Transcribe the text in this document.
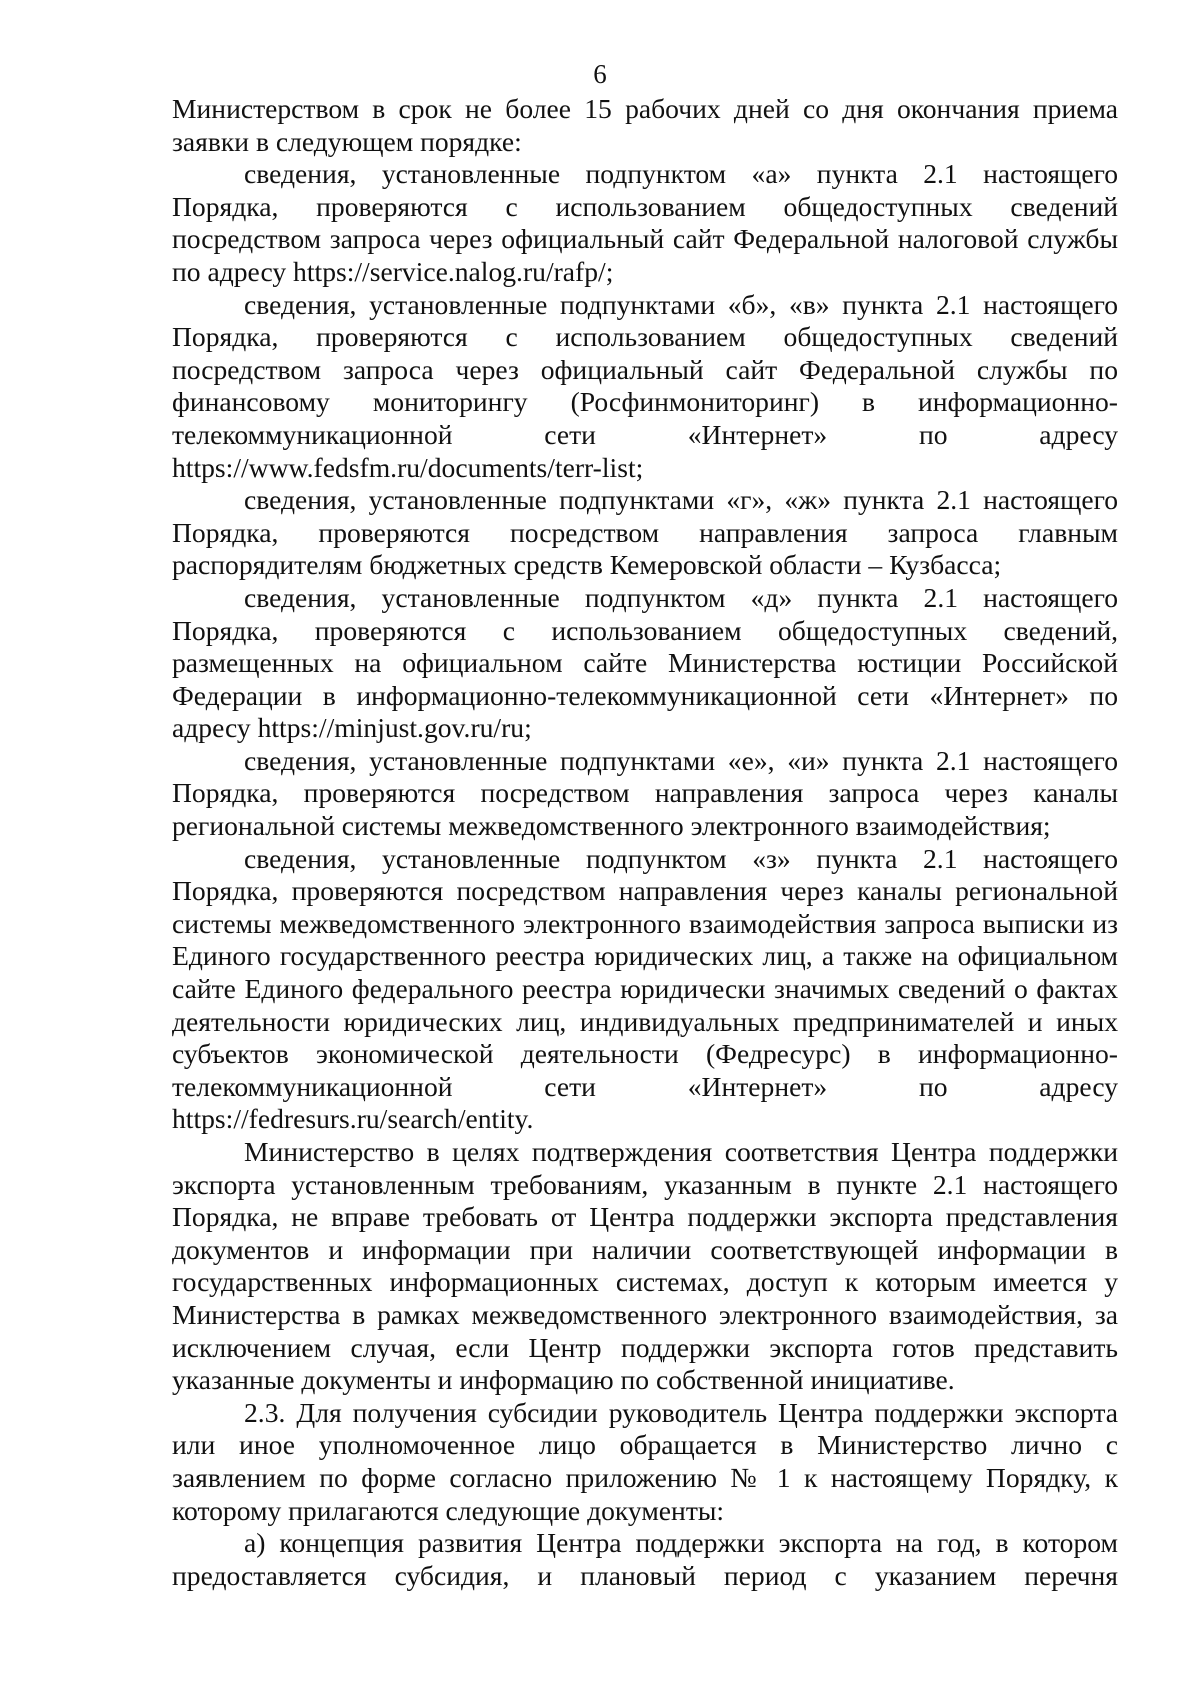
6

Министерством в срок не более 15 рабочих дней со дня окончания приема заявки в следующем порядке:

сведения, установленные подпунктом «а» пункта 2.1 настоящего Порядка, проверяются с использованием общедоступных сведений посредством запроса через официальный сайт Федеральной налоговой службы по адресу https://service.nalog.ru/rafp/;

сведения, установленные подпунктами «б», «в» пункта 2.1 настоящего Порядка, проверяются с использованием общедоступных сведений посредством запроса через официальный сайт Федеральной службы по финансовому мониторингу (Росфинмониторинг) в информационно-телекоммуникационной сети «Интернет» по адресу https://www.fedsfm.ru/documents/terr-list;

сведения, установленные подпунктами «г», «ж» пункта 2.1 настоящего Порядка, проверяются посредством направления запроса главным распорядителям бюджетных средств Кемеровской области – Кузбасса;

сведения, установленные подпунктом «д» пункта 2.1 настоящего Порядка, проверяются с использованием общедоступных сведений, размещенных на официальном сайте Министерства юстиции Российской Федерации в информационно-телекоммуникационной сети «Интернет» по адресу https://minjust.gov.ru/ru;

сведения, установленные подпунктами «е», «и» пункта 2.1 настоящего Порядка, проверяются посредством направления запроса через каналы региональной системы межведомственного электронного взаимодействия;

сведения, установленные подпунктом «з» пункта 2.1 настоящего Порядка, проверяются посредством направления через каналы региональной системы межведомственного электронного взаимодействия запроса выписки из Единого государственного реестра юридических лиц, а также на официальном сайте Единого федерального реестра юридически значимых сведений о фактах деятельности юридических лиц, индивидуальных предпринимателей и иных субъектов экономической деятельности (Федресурс) в информационно-телекоммуникационной сети «Интернет» по адресу https://fedresurs.ru/search/entity.

Министерство в целях подтверждения соответствия Центра поддержки экспорта установленным требованиям, указанным в пункте 2.1 настоящего Порядка, не вправе требовать от Центра поддержки экспорта представления документов и информации при наличии соответствующей информации в государственных информационных системах, доступ к которым имеется у Министерства в рамках межведомственного электронного взаимодействия, за исключением случая, если Центр поддержки экспорта готов представить указанные документы и информацию по собственной инициативе.

2.3. Для получения субсидии руководитель Центра поддержки экспорта или иное уполномоченное лицо обращается в Министерство лично с заявлением по форме согласно приложению № 1 к настоящему Порядку, к которому прилагаются следующие документы:

а) концепция развития Центра поддержки экспорта на год, в котором предоставляется субсидия, и плановый период с указанием перечня
